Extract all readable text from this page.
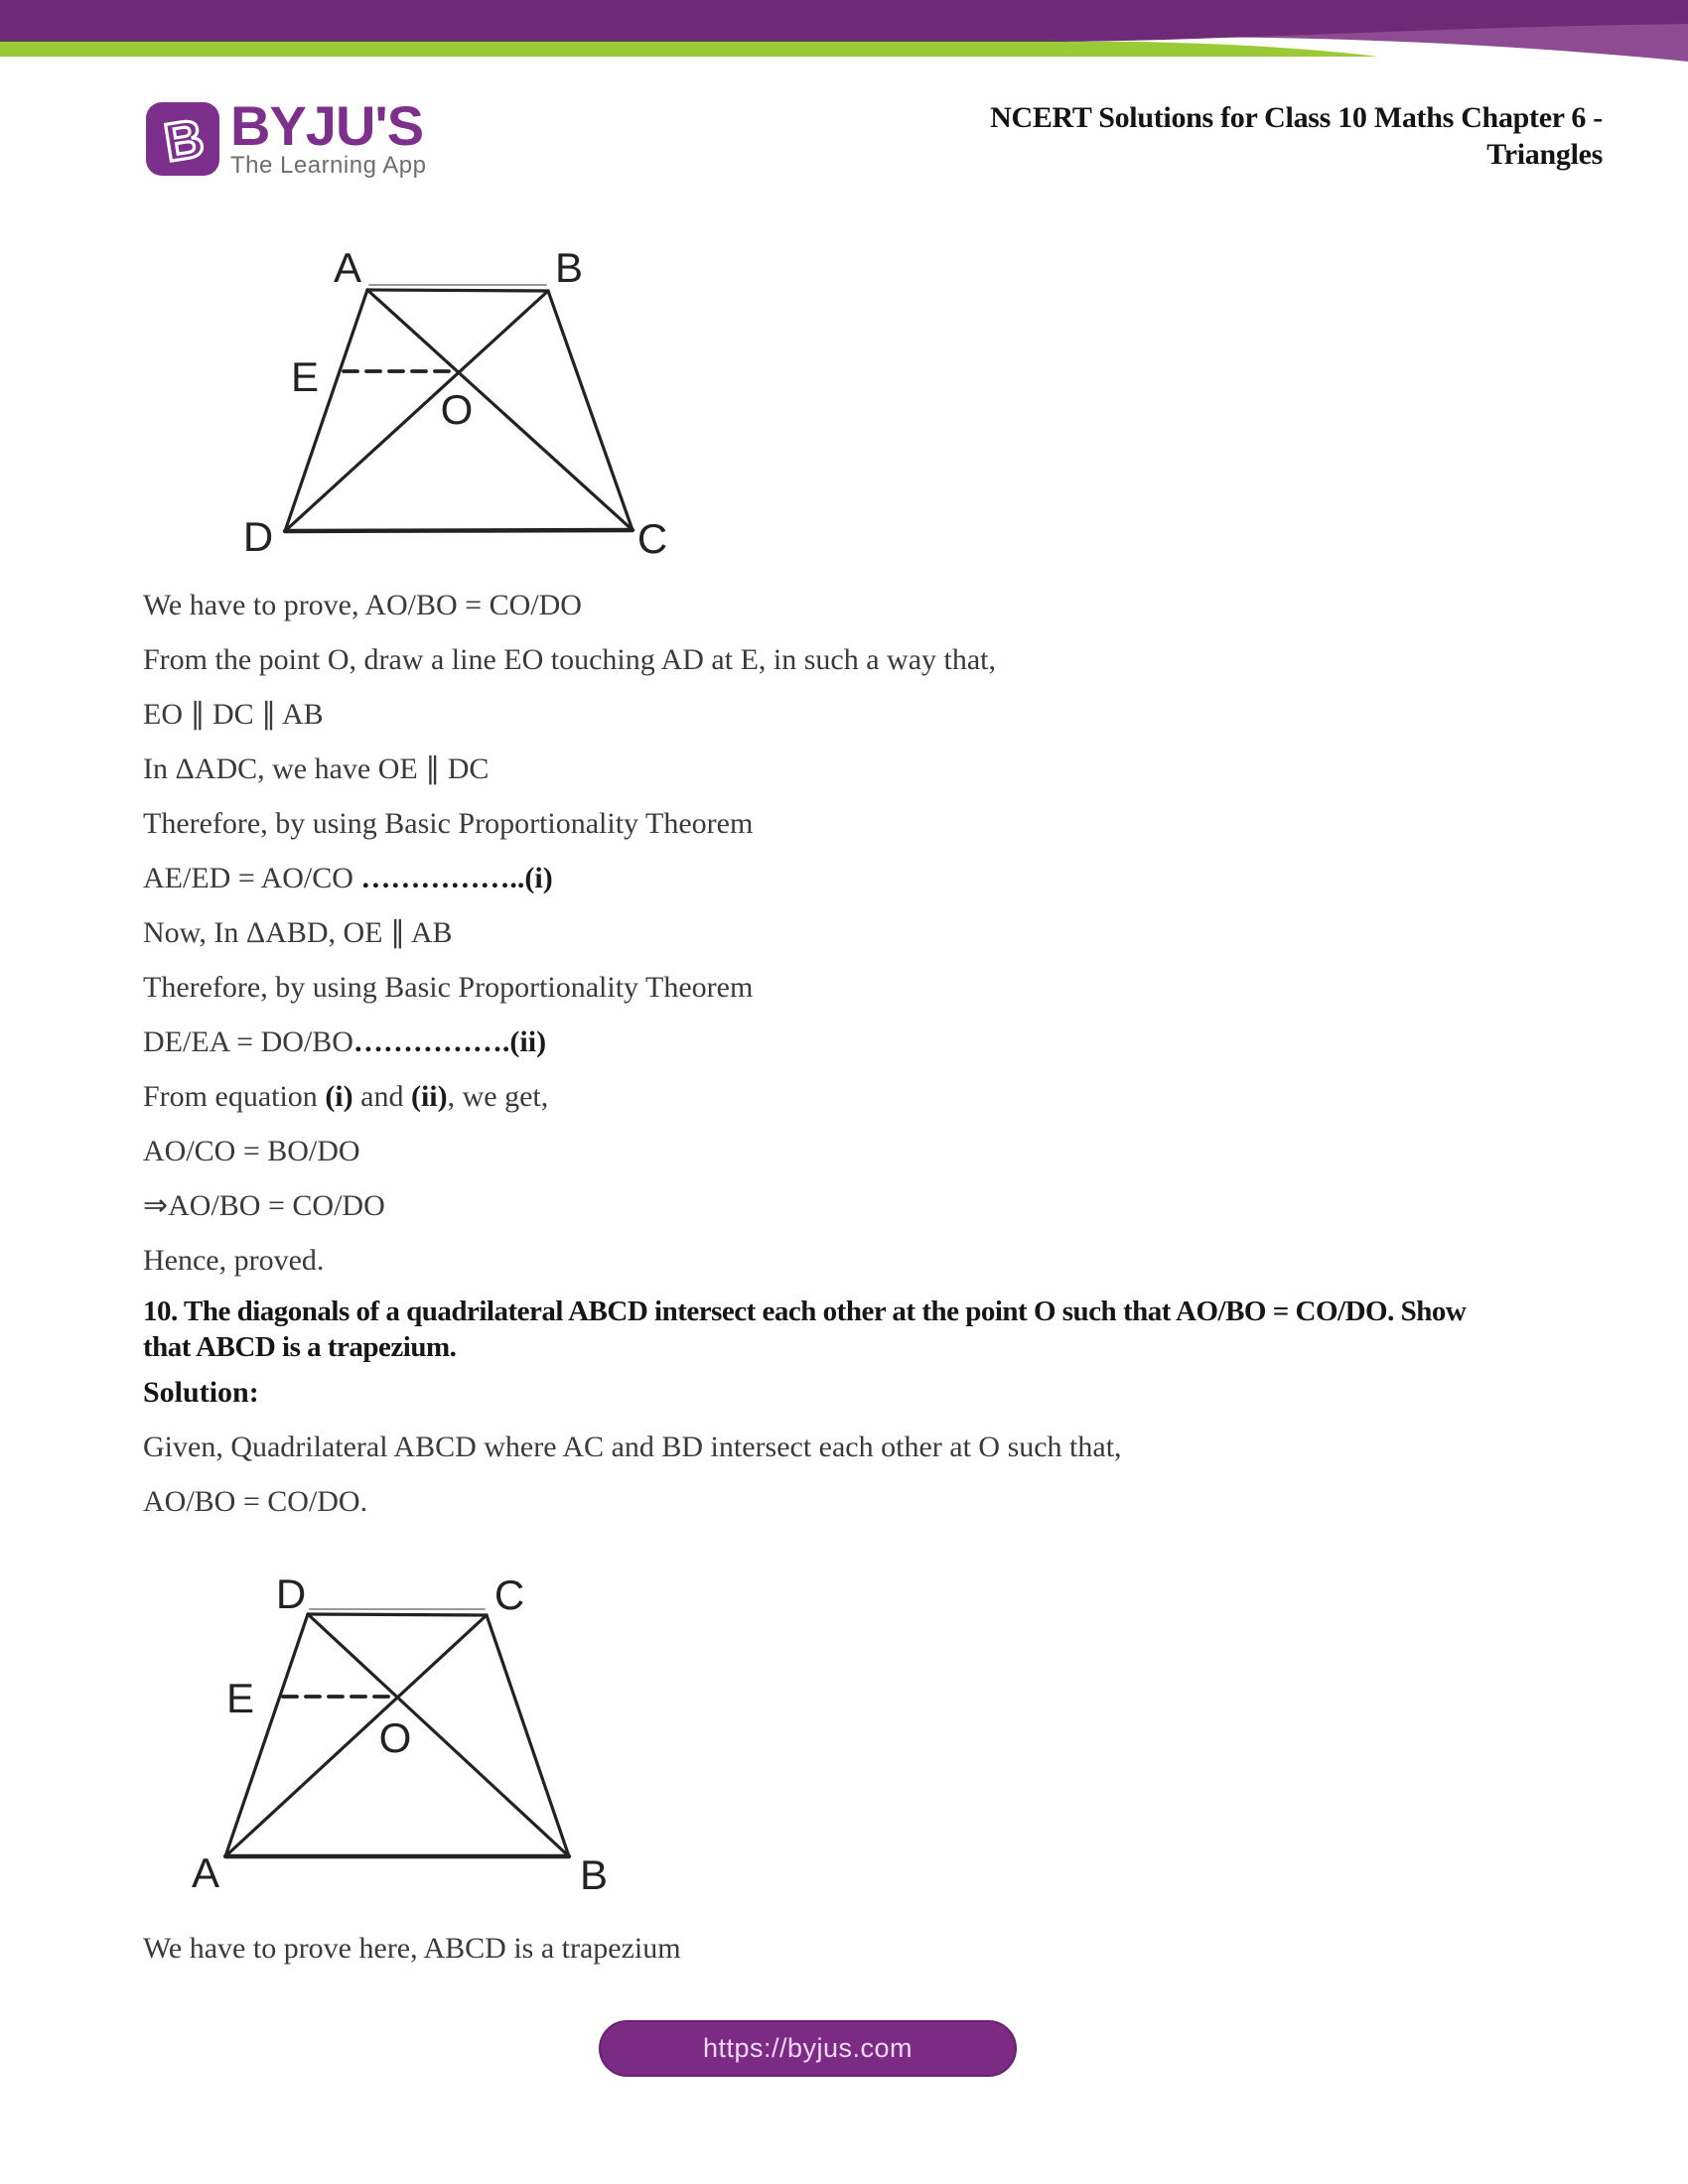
B BYJU'S
The Learning App
NCERT Solutions for Class 10 Maths Chapter 6 -
Triangles
A	B
E
O
D	C

We have to prove, AO/BO = CO/DO

From the point O, draw a line EO touching AD at E, in such a way that,

EO ∥ DC ∥ AB

In ΔADC, we have OE ∥ DC

Therefore, by using Basic Proportionality Theorem

AE/ED = AO/CO ……………..(i)

Now, In ΔABD, OE ∥ AB

Therefore, by using Basic Proportionality Theorem

DE/EA = DO/BO…………….(ii)

From equation (i) and (ii), we get,

AO/CO = BO/DO

⇒AO/BO = CO/DO

Hence, proved.

10. The diagonals of a quadrilateral ABCD intersect each other at the point O such that AO/BO = CO/DO. Show
that ABCD is a trapezium.

Solution:

Given, Quadrilateral ABCD where AC and BD intersect each other at O such that,

AO/BO = CO/DO.

D	C
E
O
A	B
We have to prove here, ABCD is a trapezium
https://byjus.com
